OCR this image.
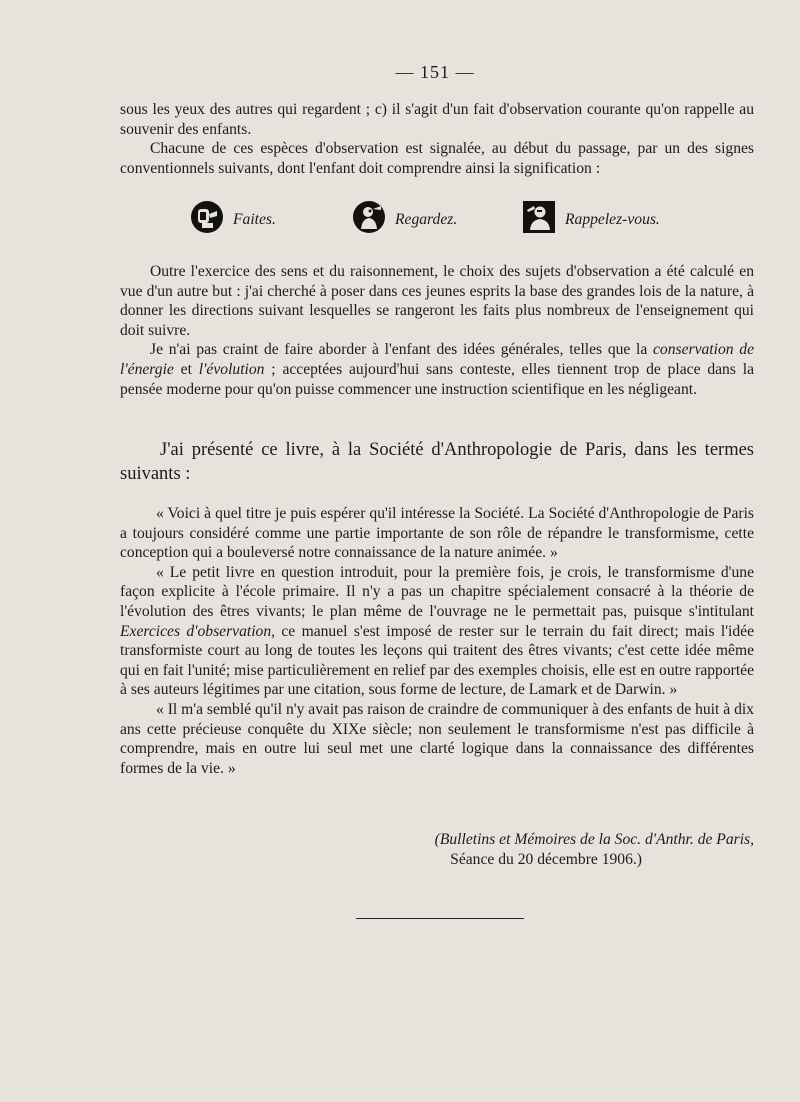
— 151 —

sous les yeux des autres qui regardent ; c) il s'agit d'un fait d'observation courante qu'on rappelle au souvenir des enfants.

Chacune de ces espèces d'observation est signalée, au début du passage, par un des signes conventionnels suivants, dont l'enfant doit comprendre ainsi la signification :

Faites.	Regardez.	Rappelez-vous.

Outre l'exercice des sens et du raisonnement, le choix des sujets d'observation a été calculé en vue d'un autre but : j'ai cherché à poser dans ces jeunes esprits la base des grandes lois de la nature, à donner les directions suivant lesquelles se rangeront les faits plus nombreux de l'enseignement qui doit suivre.

Je n'ai pas craint de faire aborder à l'enfant des idées générales, telles que la conservation de l'énergie et l'évolution ; acceptées aujourd'hui sans conteste, elles tiennent trop de place dans la pensée moderne pour qu'on puisse commencer une instruction scientifique en les négligeant.

J'ai présenté ce livre, à la Société d'Anthropologie de Paris, dans les termes suivants :

« Voici à quel titre je puis espérer qu'il intéresse la Société. La Société d'Anthropologie de Paris a toujours considéré comme une partie importante de son rôle de répandre le transformisme, cette conception qui a bouleversé notre connaissance de la nature animée. »

« Le petit livre en question introduit, pour la première fois, je crois, le transformisme d'une façon explicite à l'école primaire. Il n'y a pas un chapitre spécialement consacré à la théorie de l'évolution des êtres vivants; le plan même de l'ouvrage ne le permettait pas, puisque s'intitulant Exercices d'observation, ce manuel s'est imposé de rester sur le terrain du fait direct; mais l'idée transformiste court au long de toutes les leçons qui traitent des êtres vivants; c'est cette idée même qui en fait l'unité; mise particulièrement en relief par des exemples choisis, elle est en outre rapportée à ses auteurs légitimes par une citation, sous forme de lecture, de Lamark et de Darwin. »

« Il m'a semblé qu'il n'y avait pas raison de craindre de communiquer à des enfants de huit à dix ans cette précieuse conquête du XIXe siècle; non seulement le transformisme n'est pas difficile à comprendre, mais en outre lui seul met une clarté logique dans la connaissance des différentes formes de la vie. »

(Bulletins et Mémoires de la Soc. d'Anthr. de Paris,
Séance du 20 décembre 1906.)
